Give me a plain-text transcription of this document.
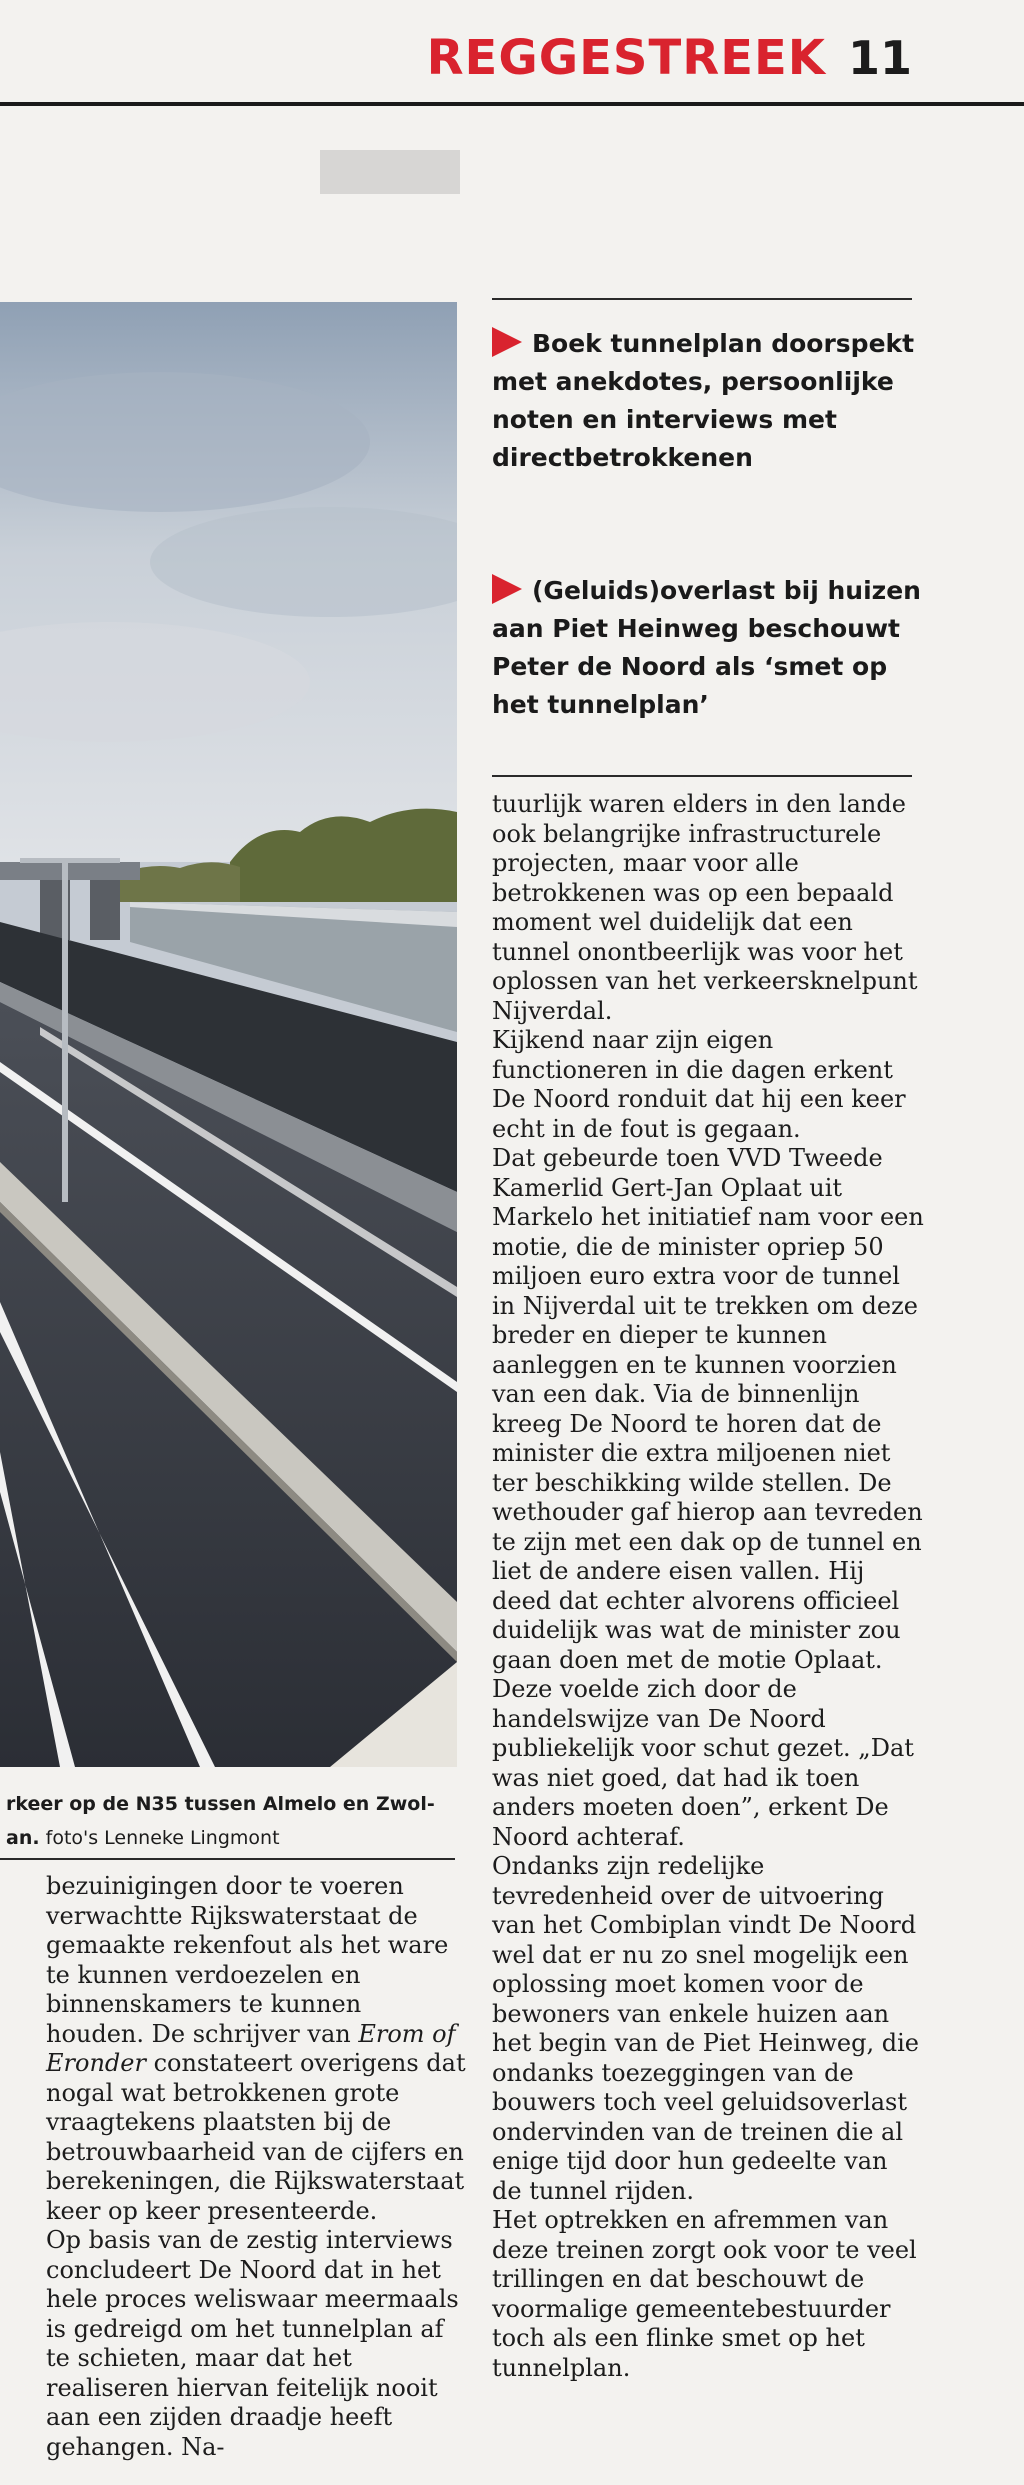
REGGESTREEK 11
rkeer op de N35 tussen Almelo en Zwol-
an. foto's Lenneke Lingmont
Boek tunnelplan doorspekt met anekdotes, persoonlijke noten en interviews met directbetrokkenen
(Geluids)overlast bij huizen aan Piet Heinweg beschouwt Peter de Noord als ‘smet op het tunnelplan’

tuurlijk waren elders in den lande ook belangrijke infrastructurele projecten, maar voor alle betrokkenen was op een bepaald moment wel duidelijk dat een tunnel onontbeerlijk was voor het oplossen van het verkeersknelpunt Nijverdal.

Kijkend naar zijn eigen functioneren in die dagen erkent De Noord ronduit dat hij een keer echt in de fout is gegaan.

Dat gebeurde toen VVD Tweede Kamerlid Gert-Jan Oplaat uit Markelo het initiatief nam voor een motie, die de minister opriep 50 miljoen euro extra voor de tunnel in Nijverdal uit te trekken om deze breder en dieper te kunnen aanleggen en te kunnen voorzien van een dak. Via de binnenlijn kreeg De Noord te horen dat de minister die extra miljoenen niet ter beschikking wilde stellen. De wethouder gaf hierop aan tevreden te zijn met een dak op de tunnel en liet de andere eisen vallen. Hij deed dat echter alvorens officieel duidelijk was wat de minister zou gaan doen met de motie Oplaat. Deze voelde zich door de handelswijze van De Noord publiekelijk voor schut gezet. „Dat was niet goed, dat had ik toen anders moeten doen”, erkent De Noord achteraf.

Ondanks zijn redelijke tevredenheid over de uitvoering van het Combiplan vindt De Noord wel dat er nu zo snel mogelijk een oplossing moet komen voor de bewoners van enkele huizen aan het begin van de Piet Heinweg, die ondanks toezeggingen van de bouwers toch veel geluidsoverlast ondervinden van de treinen die al enige tijd door hun gedeelte van de tunnel rijden.

Het optrekken en afremmen van deze treinen zorgt ook voor te veel trillingen en dat beschouwt de voormalige gemeentebestuurder toch als een flinke smet op het tunnelplan.

bezuinigingen door te voeren verwachtte Rijkswaterstaat de gemaakte rekenfout als het ware te kunnen verdoezelen en binnenskamers te kunnen houden. De schrijver van Erom of Eronder constateert overigens dat nogal wat betrokkenen grote vraagtekens plaatsten bij de betrouwbaarheid van de cijfers en berekeningen, die Rijkswaterstaat keer op keer presenteerde.

Op basis van de zestig interviews concludeert De Noord dat in het hele proces weliswaar meermaals is gedreigd om het tunnelplan af te schieten, maar dat het realiseren hiervan feitelijk nooit aan een zijden draadje heeft gehangen. Na-
